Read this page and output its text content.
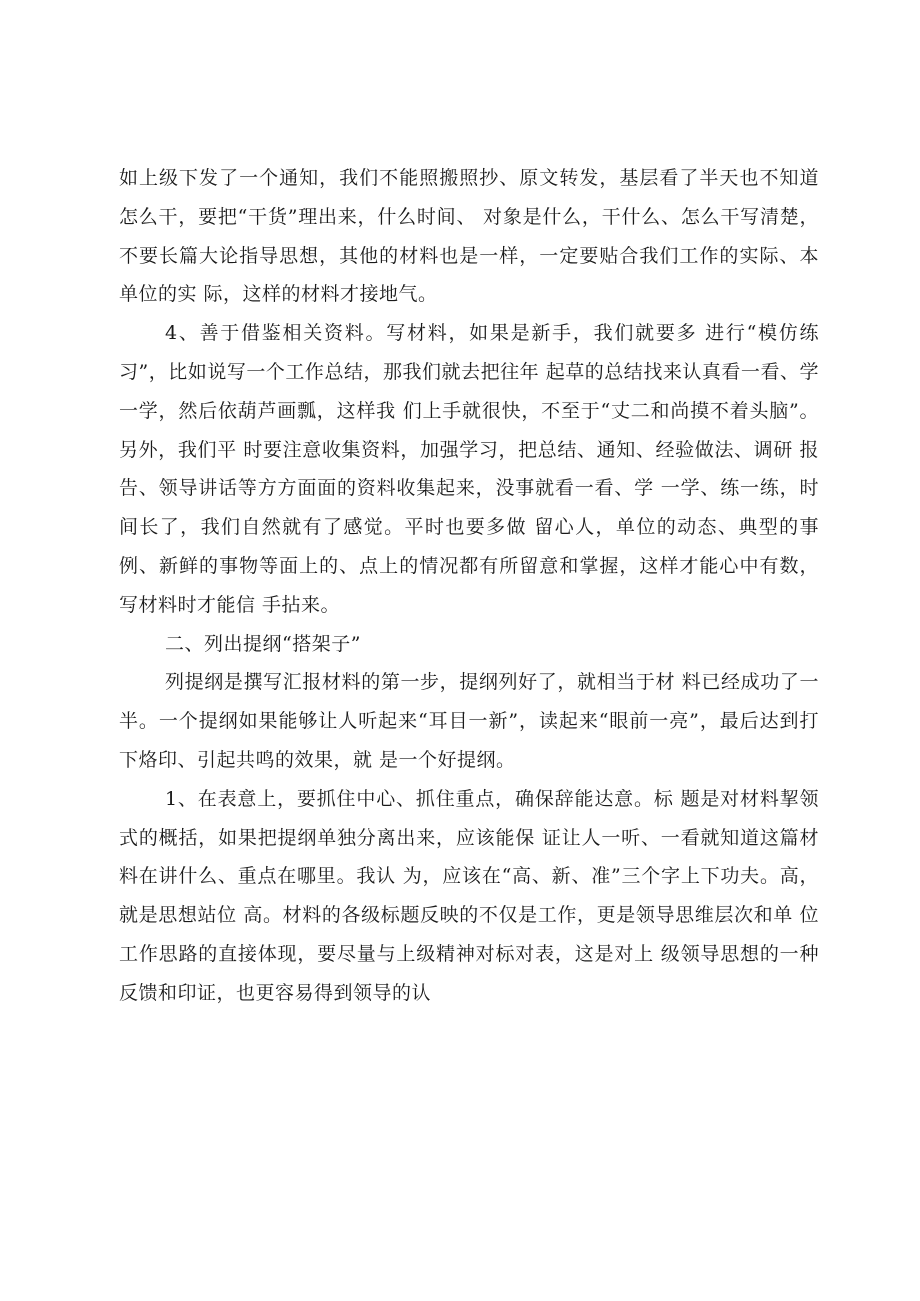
如上级下发了一个通知，我们不能照搬照抄、原文转发，基层看了半天也不知道怎么干，要把“干货”理出来，什么时间、 对象是什么，干什么、怎么干写清楚，不要长篇大论指导思想，其他的材料也是一样，一定要贴合我们工作的实际、本单位的实 际，这样的材料才接地气。

4、善于借鉴相关资料。写材料，如果是新手，我们就要多 进行“模仿练习”，比如说写一个工作总结，那我们就去把往年 起草的总结找来认真看一看、学一学，然后依葫芦画瓢，这样我 们上手就很快，不至于“丈二和尚摸不着头脑”。另外，我们平 时要注意收集资料，加强学习，把总结、通知、经验做法、调研 报告、领导讲话等方方面面的资料收集起来，没事就看一看、学 一学、练一练，时间长了，我们自然就有了感觉。平时也要多做 留心人，单位的动态、典型的事例、新鲜的事物等面上的、点上的情况都有所留意和掌握，这样才能心中有数，写材料时才能信 手拈来。

二、列出提纲“搭架子”

列提纲是撰写汇报材料的第一步，提纲列好了，就相当于材 料已经成功了一半。一个提纲如果能够让人听起来“耳目一新”，读起来“眼前一亮”，最后达到打下烙印、引起共鸣的效果，就 是一个好提纲。

1、在表意上，要抓住中心、抓住重点，确保辞能达意。标 题是对材料挈领式的概括，如果把提纲单独分离出来，应该能保 证让人一听、一看就知道这篇材料在讲什么、重点在哪里。我认 为，应该在“高、新、准”三个字上下功夫。高，就是思想站位 高。材料的各级标题反映的不仅是工作，更是领导思维层次和单 位工作思路的直接体现，要尽量与上级精神对标对表，这是对上 级领导思想的一种反馈和印证，也更容易得到领导的认
